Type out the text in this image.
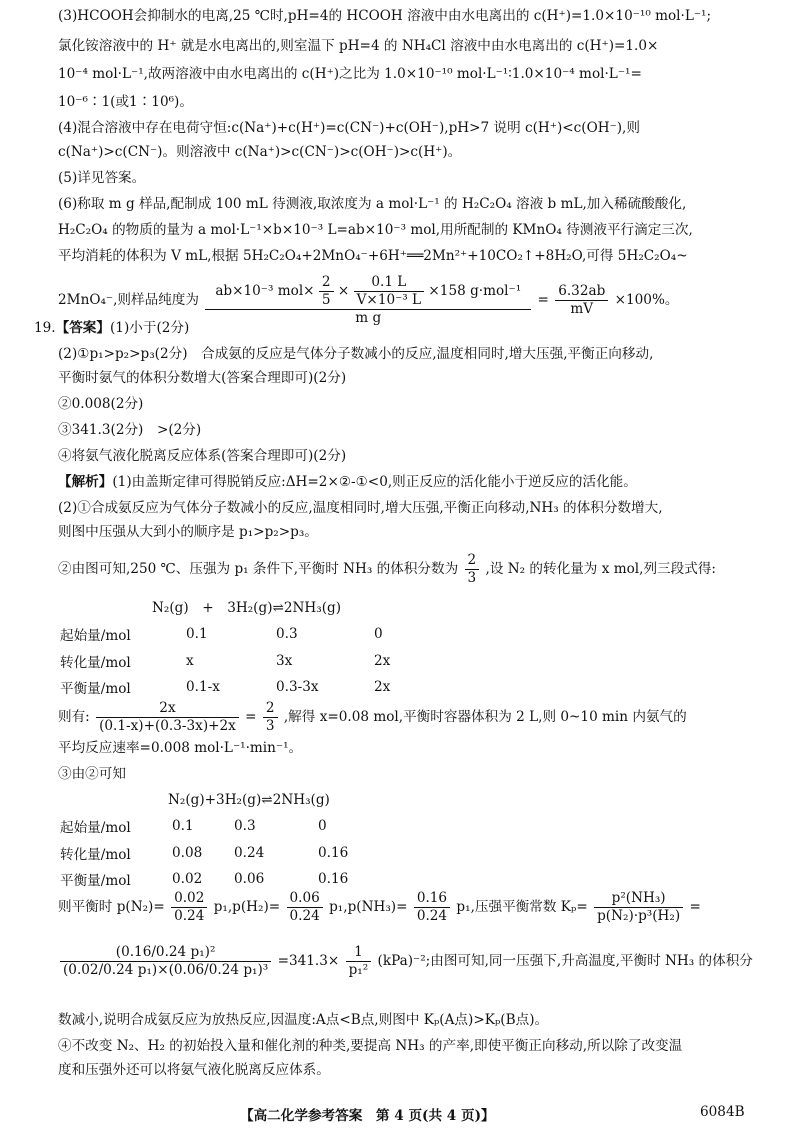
(3)HCOOH会抑制水的电离,25 ℃时,pH=4的 HCOOH 溶液中由水电离出的 c(H⁺)=1.0×10⁻¹⁰ mol·L⁻¹;
氯化铵溶液中的 H⁺ 就是水电离出的,则室温下 pH=4 的 NH₄Cl 溶液中由水电离出的 c(H⁺)=1.0×
10⁻⁴ mol·L⁻¹,故两溶液中由水电离出的 c(H⁺)之比为 1.0×10⁻¹⁰ mol·L⁻¹∶1.0×10⁻⁴ mol·L⁻¹=
10⁻⁶∶1(或1∶10⁶)。
(4)混合溶液中存在电荷守恒:c(Na⁺)+c(H⁺)=c(CN⁻)+c(OH⁻),pH>7 说明 c(H⁺)<c(OH⁻),则
c(Na⁺)>c(CN⁻)。则溶液中 c(Na⁺)>c(CN⁻)>c(OH⁻)>c(H⁺)。
(5)详见答案。
(6)称取 m g 样品,配制成 100 mL 待测液,取浓度为 a mol·L⁻¹ 的 H₂C₂O₄ 溶液 b mL,加入稀硫酸酸化,
H₂C₂O₄ 的物质的量为 a mol·L⁻¹×b×10⁻³ L=ab×10⁻³ mol,用所配制的 KMnO₄ 待测液平行滴定三次,
平均消耗的体积为 V mL,根据 5H₂C₂O₄+2MnO₄⁻+6H⁺══2Mn²⁺+10CO₂↑+8H₂O,可得 5H₂C₂O₄~
2MnO₄⁻,则样品纯度为
ab×10⁻³ $mol\times \frac{2}{5} \times \frac{0.1 L}{\text{V×10⁻³ L}} \times 158$ g·mol⁻¹
m g
= $\frac{6.32ab}{mV} \times 100\%$。
19.【答案】(1)小于(2分)
(2)①p₁>p₂>p₃(2分)　合成氨的反应是气体分子数减小的反应,温度相同时,增大压强,平衡正向移动,
平衡时氨气的体积分数增大(答案合理即可)(2分)
②0.008(2分)
③341.3(2分)　>(2分)
④将氨气液化脱离反应体系(答案合理即可)(2分)
【解析】(1)由盖斯定律可得脱销反应:ΔH=2×②-①<0,则正反应的活化能小于逆反应的活化能。
(2)①合成氨反应为气体分子数减小的反应,温度相同时,增大压强,平衡正向移动,NH₃ 的体积分数增大,
则图中压强从大到小的顺序是 p₁>p₂>p₃。
②由图可知,250 ℃、压强为 p₁ 条件下,平衡时 NH₃ 的体积分数为 $\frac{2}{3}$ ,设 N₂ 的转化量为 x mol,列三段式得:
N₂(g)　+　3H₂(g)⇌2NH₃(g)
起始量/mol	0.1	0.3	0
转化量/mol	x	3x	2x
平衡量/mol	0.1-x	0.3-3x	2x
则有: $\frac{2x}{(0.1-x)+(0.3-3x)+2x} = \frac{2}{3}$ ,解得 x=0.08 mol,平衡时容器体积为 2 L,则 0~10 min 内氨气的
平均反应速率=0.008 mol·L⁻¹·min⁻¹。
③由②可知
N₂(g)+3H₂(g)⇌2NH₃(g)
起始量/mol	0.1	0.3	0
转化量/mol	0.08	0.24	0.16
平衡量/mol	0.02	0.06	0.16
则平衡时 $p(N_2)= \frac{0.02}{0.24} p_1,p(H_2)= \frac{0.06}{0.24} p_1,p(NH_3)= \frac{0.16}{0.24} p_1$,压强平衡常数 $K_p= \frac{\text{p²(NH₃)}}{\text{p(N₂)·p³(H₂)}}$ =
$\frac{\text{(0.16/0.24 p₁)²}}{\text{(0.02/0.24 p₁)×(0.06/0.24 p₁)³}} =341.3\times \frac{1}{\text{p₁²}} (kPa)^{-2}$;由图可知,同一压强下,升高温度,平衡时 NH₃ 的体积分
数减小,说明合成氨反应为放热反应,因温度:A点<B点,则图中 Kₚ(A点)>Kₚ(B点)。
④不改变 N₂、H₂ 的初始投入量和催化剂的种类,要提高 NH₃ 的产率,即使平衡正向移动,所以除了改变温
度和压强外还可以将氨气液化脱离反应体系。
【高二化学参考答案　第 4 页(共 4 页)】	6084B
